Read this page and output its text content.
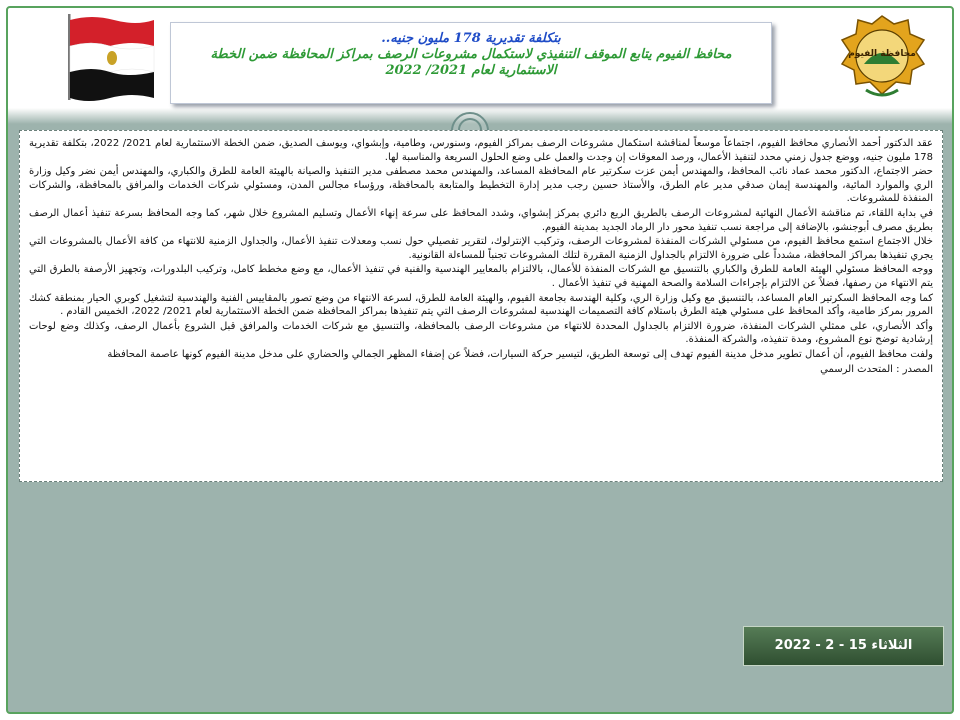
بتكلفة تقديرية 178 مليون جنيه..
محافظ الفيوم يتابع الموقف التنفيذي لاستكمال مشروعات الرصف بمراكز المحافظة ضمن الخطة
الاستثمارية لعام 2021/ 2022
محافظة الفيوم

عقد الدكتور أحمد الأنصاري محافظ الفيوم، اجتماعاً موسعاً لمناقشة استكمال مشروعات الرصف بمراكز الفيوم، وسنورس، وطامية، وإبشواي، ويوسف الصديق، ضمن الخطة الاستثمارية لعام 2021/ 2022، بتكلفة تقديرية 178 مليون جنيه، ووضع جدول زمني محدد لتنفيذ الأعمال، ورصد المعوقات إن وجدت والعمل على وضع الحلول السريعة والمناسبة لها.

حضر الاجتماع، الدكتور محمد عماد نائب المحافظ، والمهندس أيمن عزت سكرتير عام المحافظة المساعد، والمهندس محمد مصطفى مدير التنفيذ والصيانة بالهيئة العامة للطرق والكباري، والمهندس أيمن نضر وكيل وزارة الري والموارد المائية، والمهندسة إيمان صدقي مدير عام الطرق، والأستاذ حسين رجب مدير إدارة التخطيط والمتابعة بالمحافظة، ورؤساء مجالس المدن، ومسئولي شركات الخدمات والمرافق بالمحافظة، والشركات المنفذة للمشروعات.

في بداية اللقاء، تم مناقشة الأعمال النهائية لمشروعات الرصف بالطريق الريع دائري بمركز إبشواي، وشدد المحافظ على سرعة إنهاء الأعمال وتسليم المشروع خلال شهر، كما وجه المحافظ بسرعة تنفيذ أعمال الرصف بطريق مصرف أبوجنشو، بالإضافة إلى مراجعة نسب تنفيذ محور دار الرماد الجديد بمدينة الفيوم.

خلال الاجتماع استمع محافظ الفيوم، من مسئولي الشركات المنفذة لمشروعات الرصف، وتركيب الإنترلوك، لتقرير تفصيلي حول نسب ومعدلات تنفيذ الأعمال، والجداول الزمنية للانتهاء من كافة الأعمال بالمشروعات التي يجري تنفيذها بمراكز المحافظة، مشدداً على ضرورة الالتزام بالجداول الزمنية المقررة لتلك المشروعات تجنباً للمساءلة القانونية.

ووجه المحافظ مسئولي الهيئة العامة للطرق والكباري بالتنسيق مع الشركات المنفذة للأعمال، بالالتزام بالمعايير الهندسية والفنية في تنفيذ الأعمال، مع وضع مخطط كامل، وتركيب البلدورات، وتجهيز الأرصفة بالطرق التي يتم الانتهاء من رصفها، فضلاً عن الالتزام بإجراءات السلامة والصحة المهنية في تنفيذ الأعمال .

كما وجه المحافظ السكرتير العام المساعد، بالتنسيق مع وكيل وزارة الري، وكلية الهندسة بجامعة الفيوم، والهيئة العامة للطرق، لسرعة الانتهاء من وضع تصور بالمقاييس الفنية والهندسية لتشغيل كوبري الحيار بمنطقة كشك المرور بمركز طامية، وأكد المحافظ على مسئولي هيئة الطرق باستلام كافة التصميمات الهندسية لمشروعات الرصف التي يتم تنفيذها بمراكز المحافظة ضمن الخطة الاستثمارية لعام 2021/ 2022، الخميس القادم .

وأكد الأنصاري، على ممثلي الشركات المنفذة، ضرورة الالتزام بالجداول المحددة للانتهاء من مشروعات الرصف بالمحافظة، والتنسيق مع شركات الخدمات والمرافق قبل الشروع بأعمال الرصف، وكذلك وضع لوحات إرشادية توضح نوع المشروع، ومدة تنفيذه، والشركة المنفذة.

ولفت محافظ الفيوم، أن أعمال تطوير مدخل مدينة الفيوم تهدف إلى توسعة الطريق، لتيسير حركة السيارات، فضلاً عن إضفاء المظهر الجمالي والحضاري على مدخل مدينة الفيوم كونها عاصمة المحافظة

المصدر : المتحدث الرسمي

الثلاثاء 15 - 2 - 2022
